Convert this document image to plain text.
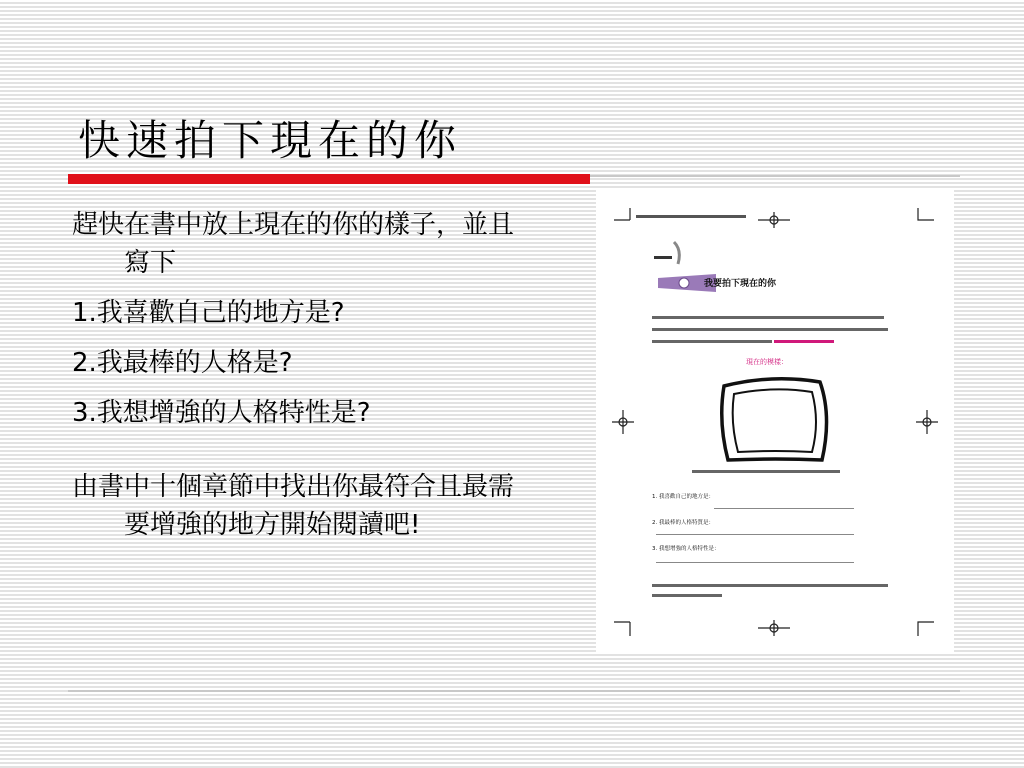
快速拍下現在的你

趕快在書中放上現在的你的樣子，並且寫下

1.我喜歡自己的地方是?

2.我最棒的人格是?

3.我想增強的人格特性是?

由書中十個章節中找出你最符合且最需要增強的地方開始閱讀吧!

我要拍下現在的你
現在的模樣：
1. 我喜歡自己的地方是：
2. 我最棒的人格特質是：
3. 我想增強的人格特性是：
